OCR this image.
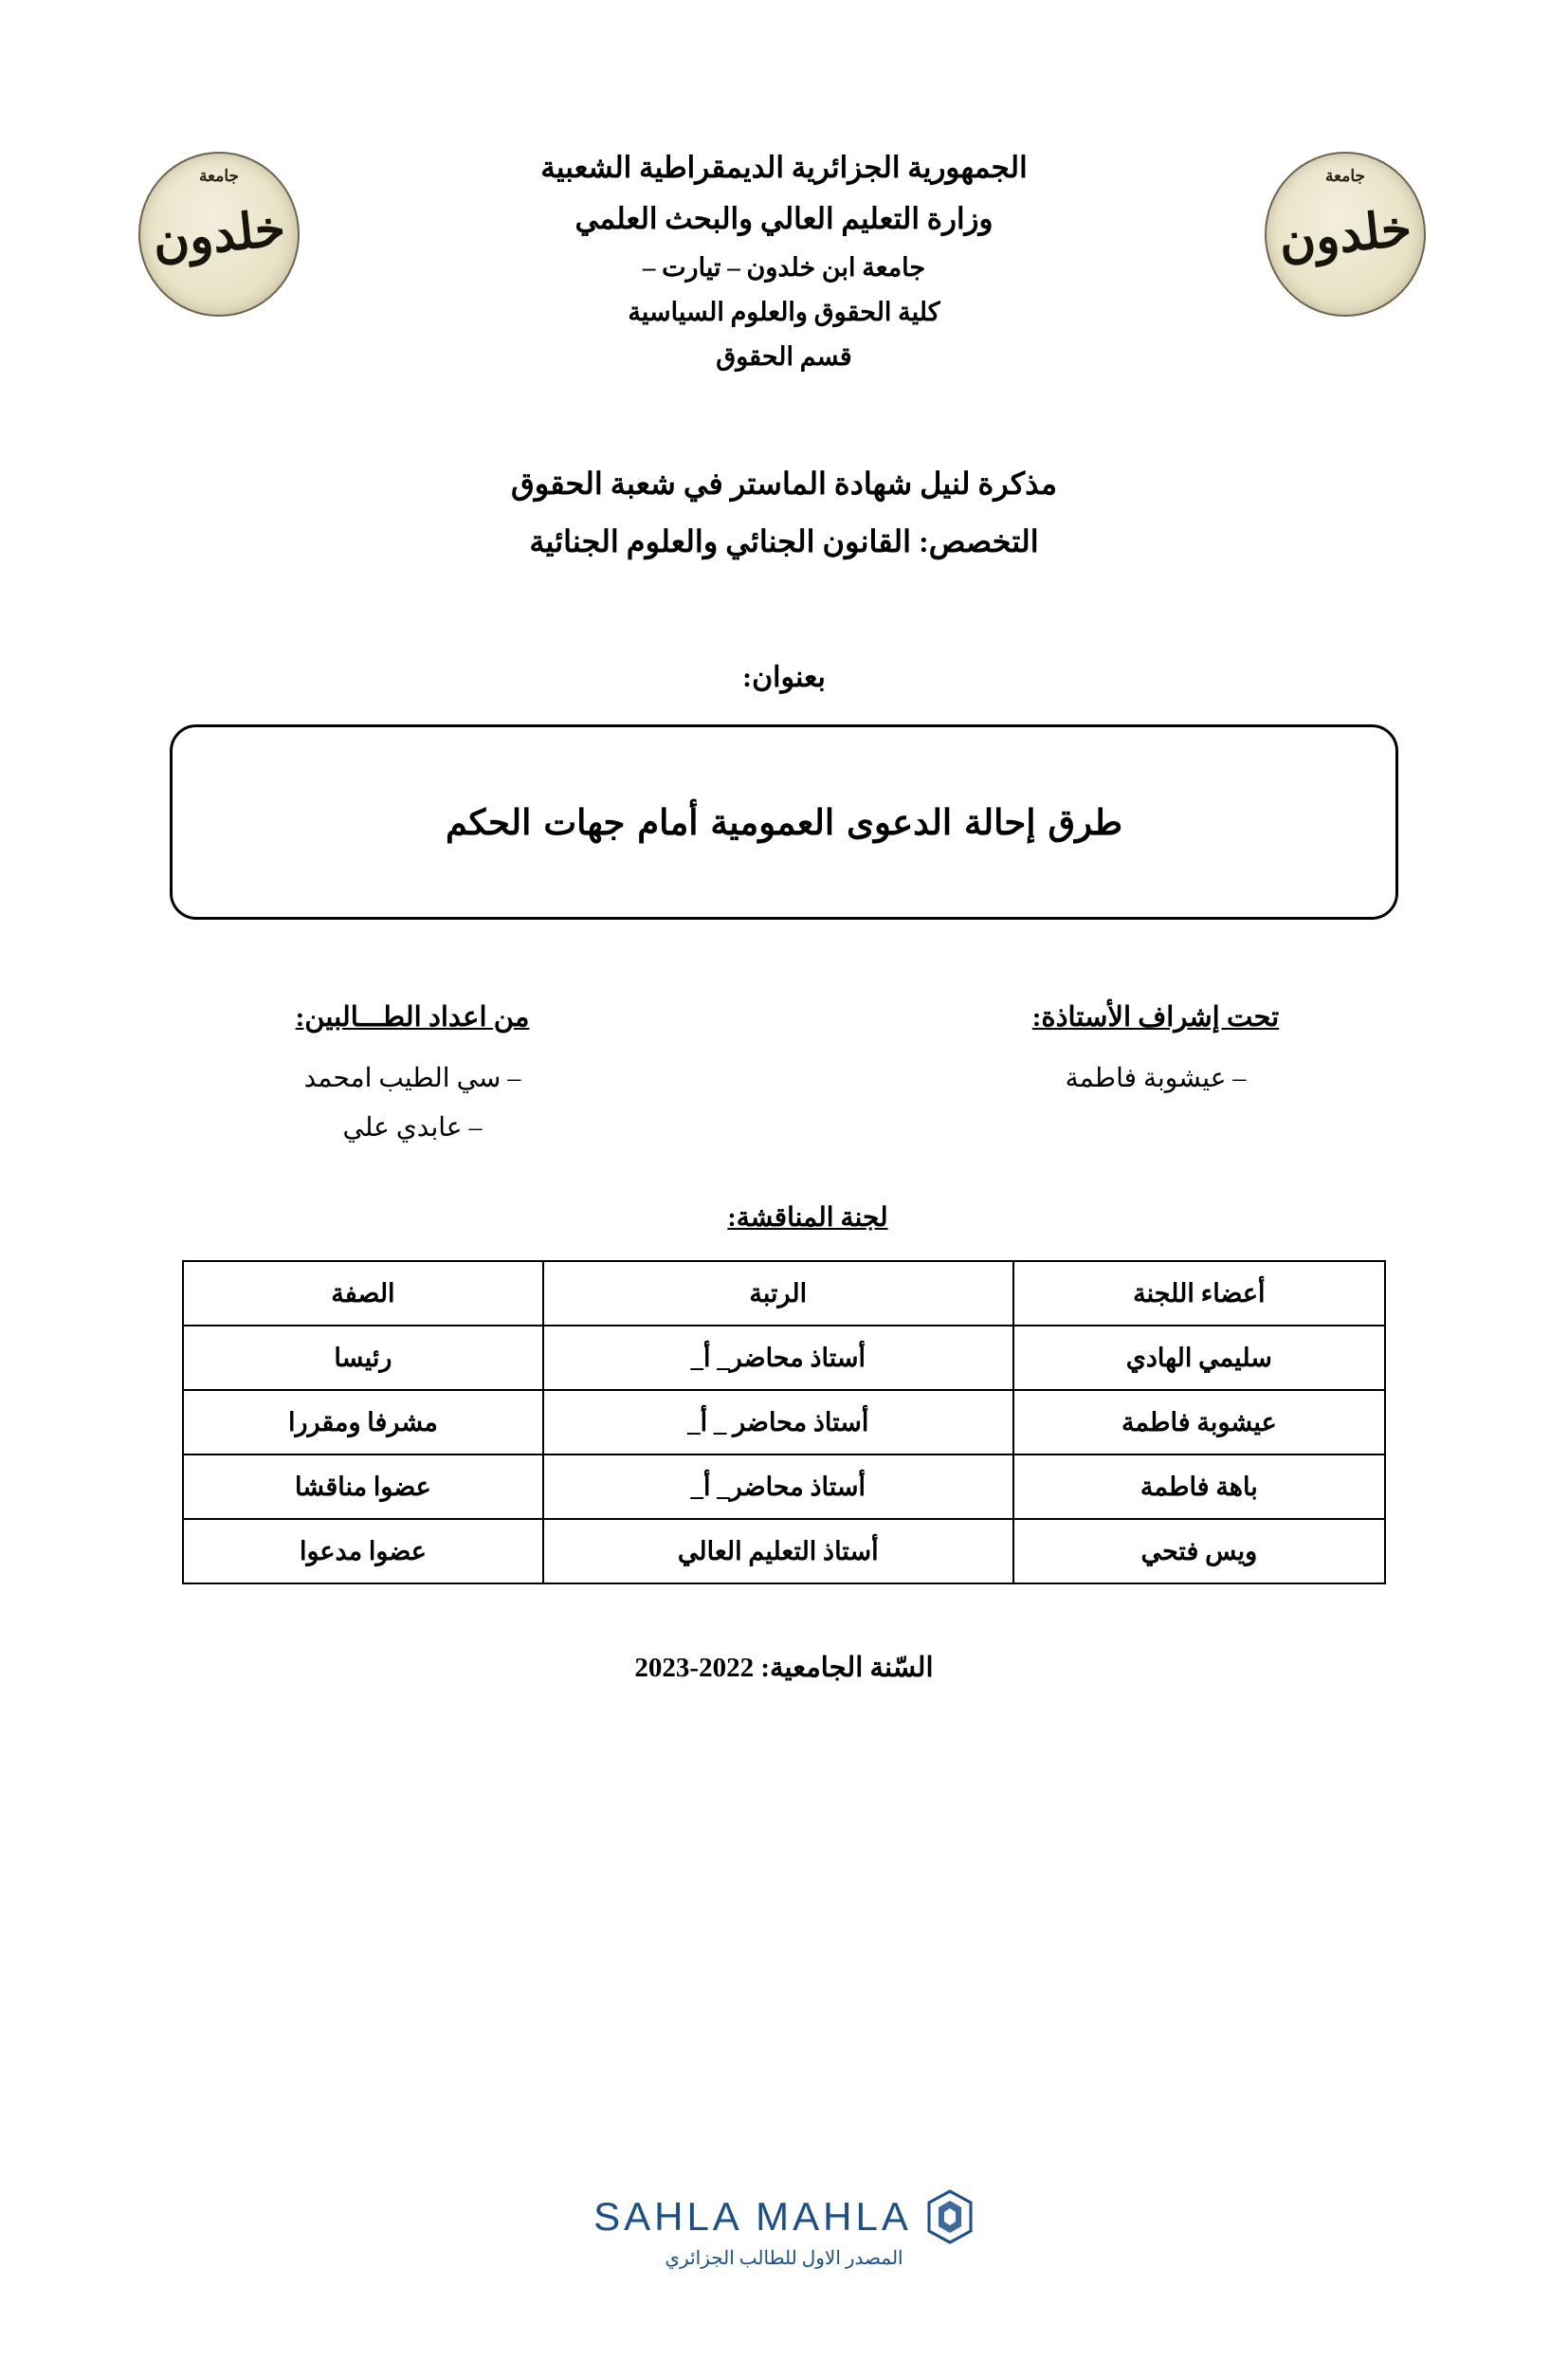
جامعة
خلدون
جامعة
خلدون
الجمهورية الجزائرية الديمقراطية الشعبية
وزارة التعليم العالي والبحث العلمي
جامعة ابن خلدون – تيارت –
كلية الحقوق والعلوم السياسية
قسم الحقوق
مذكرة لنيل شهادة الماستر في شعبة الحقوق
التخصص: القانون الجنائي والعلوم الجنائية
بعنوان:
طرق إحالة الدعوى العمومية أمام جهات الحكم
تحت إشراف الأستاذة:
– عيشوبة فاطمة
من اعداد الطـــالبين:
– سي الطيب امحمد
– عابدي علي
لجنة المناقشة:
أعضاء اللجنة	الرتبة	الصفة
سليمي الهادي	أستاذ محاضر_ أ_	رئيسا
عيشوبة فاطمة	أستاذ محاضر _ أ_	مشرفا ومقررا
باهة فاطمة	أستاذ محاضر_ أ_	عضوا مناقشا
ويس فتحي	أستاذ التعليم العالي	عضوا مدعوا
السّنة الجامعية: 2022-2023
SAHLA MAHLA
المصدر الاول للطالب الجزائري
